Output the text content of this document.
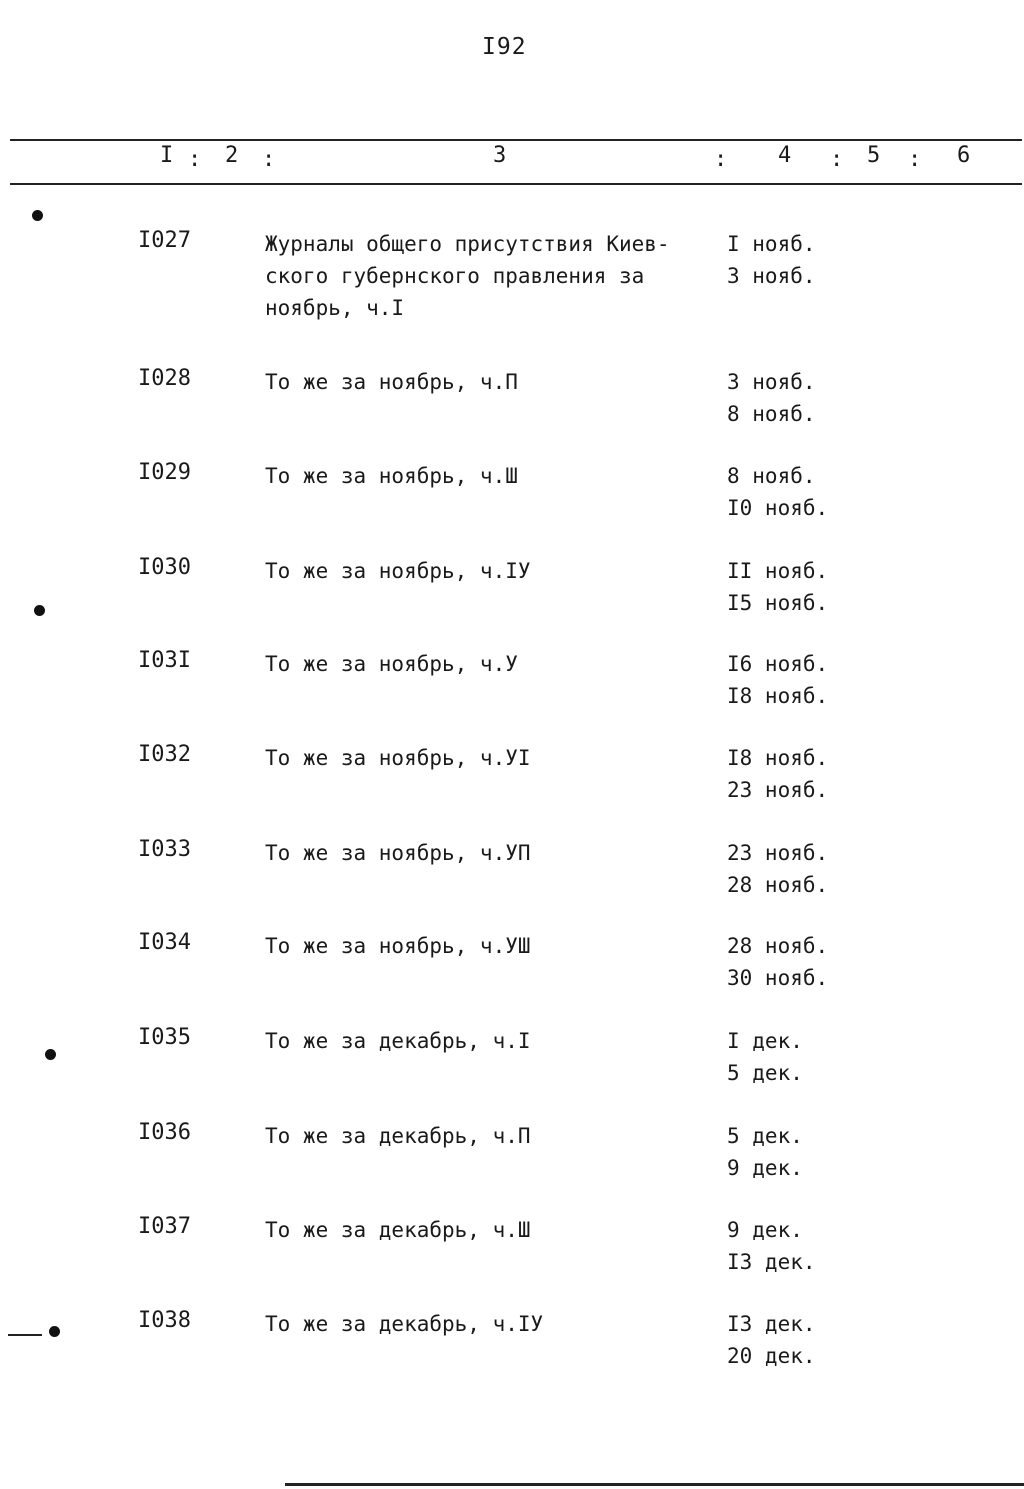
I92
I : 2 :	3	: 4 : 5 : 6
I027	Журналы общего присутствия Киев-
ского губернского правления за
ноябрь, ч.I
I нояб.
3 нояб.
I028	То же за ноябрь, ч.П	3 нояб.
8 нояб.
I029	То же за ноябрь, ч.Ш	8 нояб.
I0 нояб.
I030	То же за ноябрь, ч.IУ	II нояб.
I5 нояб.
I03I	То же за ноябрь, ч.У	I6 нояб.
I8 нояб.
I032	То же за ноябрь, ч.УI	I8 нояб.
23 нояб.
I033	То же за ноябрь, ч.УП	23 нояб.
28 нояб.
I034	То же за ноябрь, ч.УШ	28 нояб.
30 нояб.
I035	То же за декабрь, ч.I	I дек.
5 дек.
I036	То же за декабрь, ч.П	5 дек.
9 дек.
I037	То же за декабрь, ч.Ш	9 дек.
I3 дек.
I038	То же за декабрь, ч.IУ	I3 дек.
20 дек.
